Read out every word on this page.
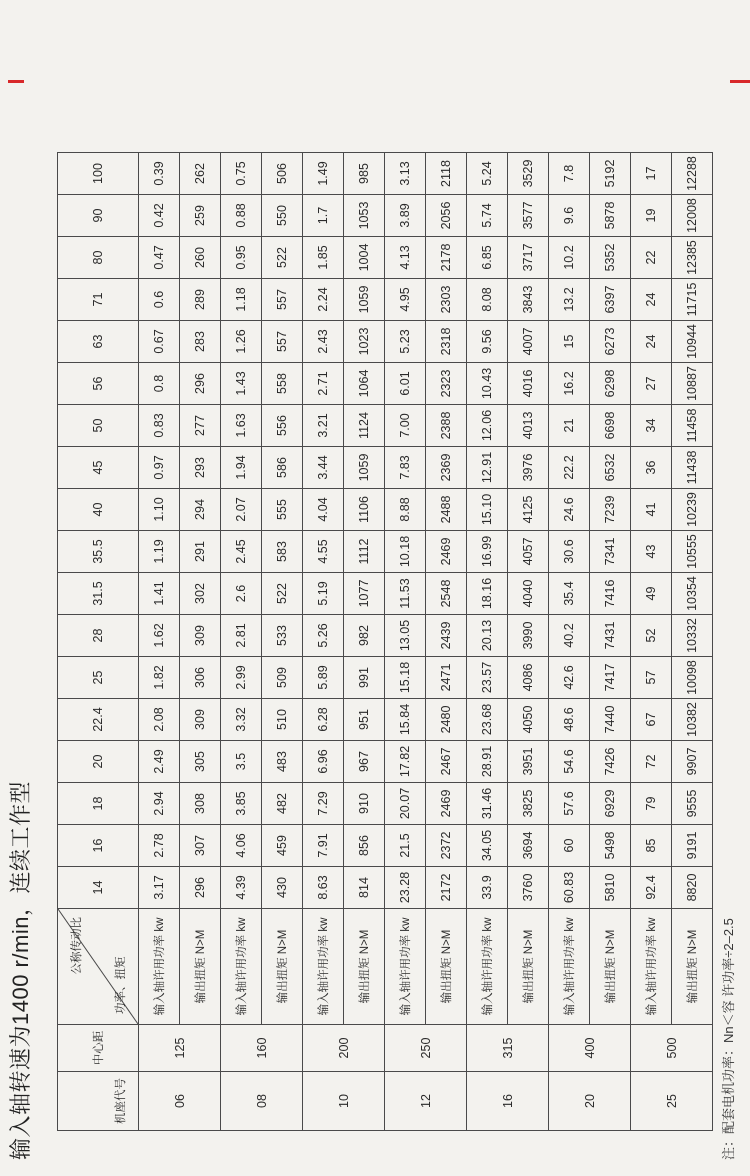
输入轴转速为1400 r/min，连续工作型	机座代号	中心距	公称传动比
功率、扭矩	14	16	18	20	22.4	25	28	31.5	35.5	40	45	50	56	63	71	80	90	100
06	125	输入轴许用功率 kw	3.17	2.78	2.94	2.49	2.08	1.82	1.62	1.41	1.19	1.10	0.97	0.83	0.8	0.67	0.6	0.47	0.42	0.39
		输出扭矩 N>M	296	307	308	305	309	306	309	302	291	294	293	277	296	283	289	260	259	262
08	160	输入轴许用功率 kw	4.39	4.06	3.85	3.5	3.32	2.99	2.81	2.6	2.45	2.07	1.94	1.63	1.43	1.26	1.18	0.95	0.88	0.75
		输出扭矩 N>M	430	459	482	483	510	509	533	522	583	555	586	556	558	557	557	522	550	506
10	200	输入轴许用功率 kw	8.63	7.91	7.29	6.96	6.28	5.89	5.26	5.19	4.55	4.04	3.44	3.21	2.71	2.43	2.24	1.85	1.7	1.49
		输出扭矩 N>M	814	856	910	967	951	991	982	1077	1112	1106	1059	1124	1064	1023	1059	1004	1053	985
12	250	输入轴许用功率 kw	23.28	21.5	20.07	17.82	15.84	15.18	13.05	11.53	10.18	8.88	7.83	7.00	6.01	5.23	4.95	4.13	3.89	3.13
		输出扭矩 N>M	2172	2372	2469	2467	2480	2471	2439	2548	2469	2488	2369	2388	2323	2318	2303	2178	2056	2118
16	315	输入轴许用功率 kw	33.9	34.05	31.46	28.91	23.68	23.57	20.13	18.16	16.99	15.10	12.91	12.06	10.43	9.56	8.08	6.85	5.74	5.24
		输出扭矩 N>M	3760	3694	3825	3951	4050	4086	3990	4040	4057	4125	3976	4013	4016	4007	3843	3717	3577	3529
20	400	输入轴许用功率 kw	60.83	60	57.6	54.6	48.6	42.6	40.2	35.4	30.6	24.6	22.2	21	16.2	15	13.2	10.2	9.6	7.8
		输出扭矩 N>M	5810	5498	6929	7426	7440	7417	7431	7416	7341	7239	6532	6698	6298	6273	6397	5352	5878	5192
25	500	输入轴许用功率 kw	92.4	85	79	72	67	57	52	49	43	41	36	34	27	24	24	22	19	17
		输出扭矩 N>M	8820	9191	9555	9907	10382	10098	10332	10354	10555	10239	11438	11458	10887	10944	11715	12385	12008	12288
注：配套电机功率：Nn＜容 许功率÷2–2.5
